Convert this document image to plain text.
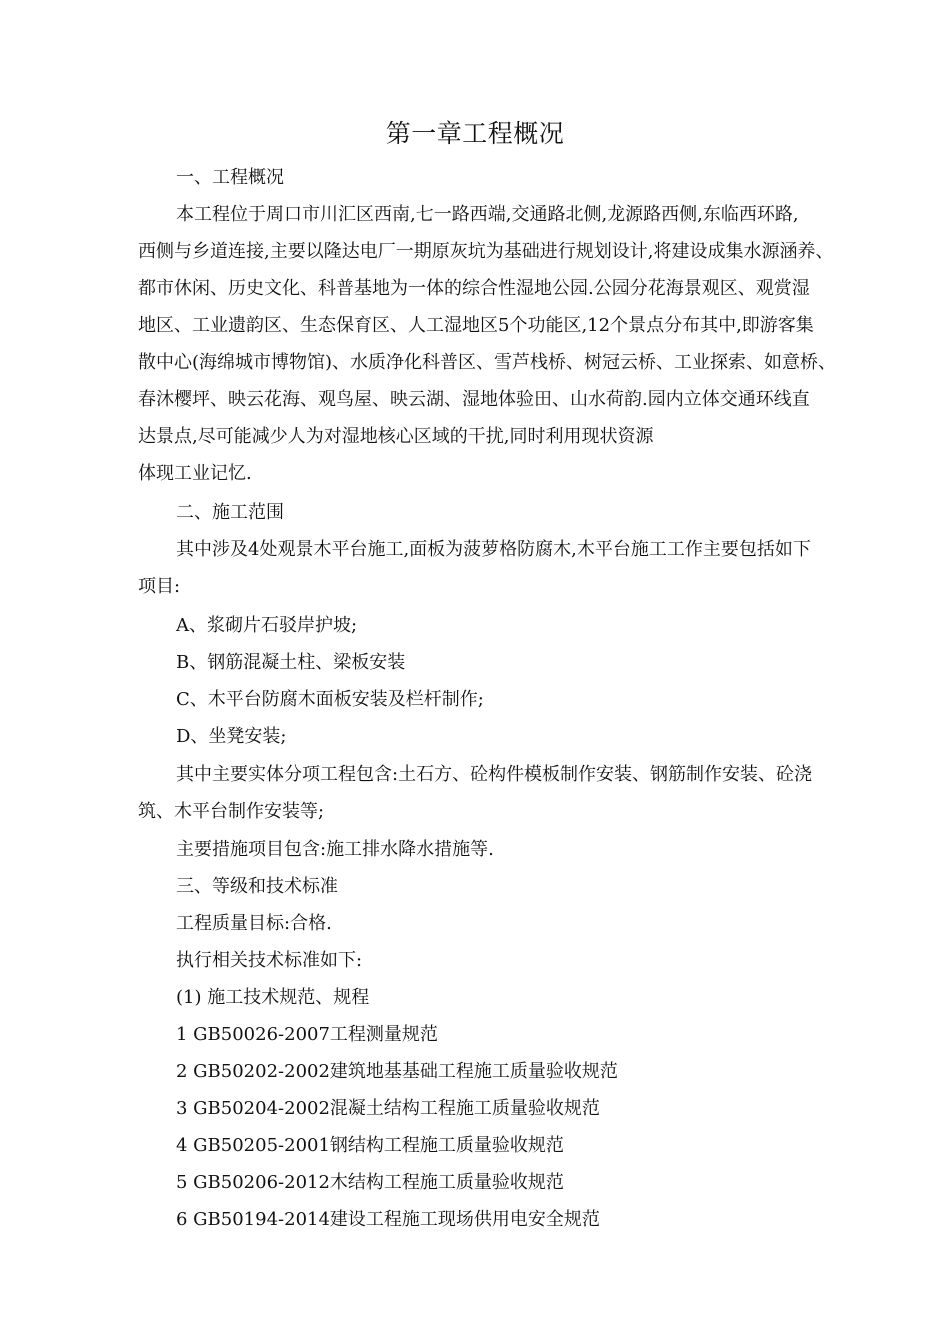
第一章工程概况
一、工程概况
本工程位于周口市川汇区西南,七一路西端,交通路北侧,龙源路西侧,东临西环路,
西侧与乡道连接,主要以隆达电厂一期原灰坑为基础进行规划设计,将建设成集水源涵养、
都市休闲、历史文化、科普基地为一体的综合性湿地公园.公园分花海景观区、观赏湿
地区、工业遗韵区、生态保育区、人工湿地区5个功能区,12个景点分布其中,即游客集
散中心(海绵城市博物馆)、水质净化科普区、雪芦栈桥、树冠云桥、工业探索、如意桥、
春沐樱坪、映云花海、观鸟屋、映云湖、湿地体验田、山水荷韵.园内立体交通环线直
达景点,尽可能减少人为对湿地核心区域的干扰,同时利用现状资源
体现工业记忆.
二、施工范围
其中涉及4处观景木平台施工,面板为菠萝格防腐木,木平台施工工作主要包括如下
项目:
A、浆砌片石驳岸护坡;
B、钢筋混凝土柱、梁板安装
C、木平台防腐木面板安装及栏杆制作;
D、坐凳安装;
其中主要实体分项工程包含:土石方、砼构件模板制作安装、钢筋制作安装、砼浇
筑、木平台制作安装等;
主要措施项目包含:施工排水降水措施等.
三、等级和技术标准
工程质量目标:合格.
执行相关技术标准如下:
(1) 施工技术规范、规程
1 GB50026-2007工程测量规范
2 GB50202-2002建筑地基基础工程施工质量验收规范
3 GB50204-2002混凝土结构工程施工质量验收规范
4 GB50205-2001钢结构工程施工质量验收规范
5 GB50206-2012木结构工程施工质量验收规范
6 GB50194-2014建设工程施工现场供用电安全规范
